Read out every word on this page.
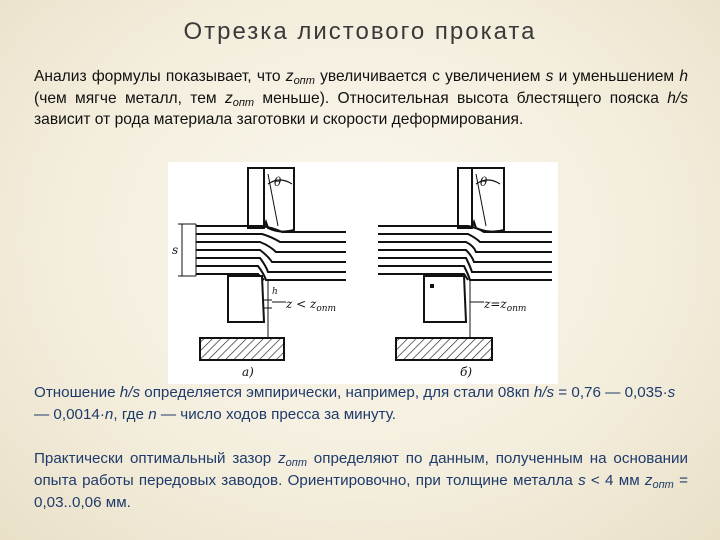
Отрезка листового проката
Анализ формулы показывает, что $z_{опт}$ увеличивается с увеличением s и уменьшением h (чем мягче металл, тем $z_{опт}$ меньше). Относительная высота блестящего пояска h/s зависит от рода материала заготовки и скорости деформирования.
θ
s
h
$z < z_{опт}$
а)
θ
$z=z_{опт}$
б)
Отношение h/s определяется эмпирически, например, для стали 08кп h/s = 0,76 — 0,035·s — 0,0014·n, где n — число ходов пресса за минуту.
Практически оптимальный зазор $z_{опт}$ определяют по данным, полученным на основании опыта работы передовых заводов. Ориентировочно, при толщине металла s < 4 мм $z_{опт} = 0,03..0,06$ мм.
